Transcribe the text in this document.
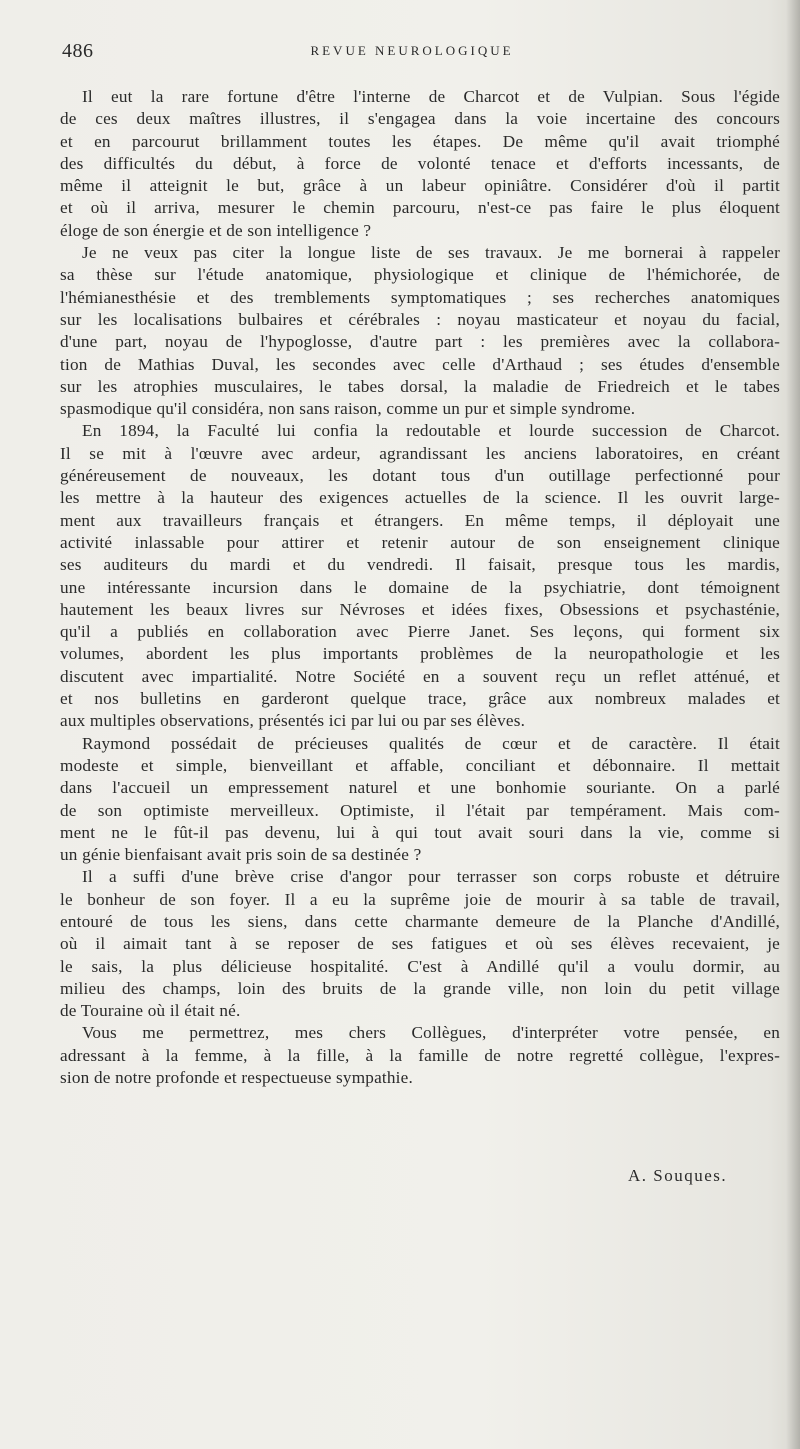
486	REVUE NEUROLOGIQUE
Il eut la rare fortune d'être l'interne de Charcot et de Vulpian. Sous l'égide
de ces deux maîtres illustres, il s'engagea dans la voie incertaine des concours
et en parcourut brillamment toutes les étapes. De même qu'il avait triomphé
des difficultés du début, à force de volonté tenace et d'efforts incessants, de
même il atteignit le but, grâce à un labeur opiniâtre. Considérer d'où il partit
et où il arriva, mesurer le chemin parcouru, n'est-ce pas faire le plus éloquent
éloge de son énergie et de son intelligence ?
Je ne veux pas citer la longue liste de ses travaux. Je me bornerai à rappeler
sa thèse sur l'étude anatomique, physiologique et clinique de l'hémichorée, de
l'hémianesthésie et des tremblements symptomatiques ; ses recherches anatomiques
sur les localisations bulbaires et cérébrales : noyau masticateur et noyau du facial,
d'une part, noyau de l'hypoglosse, d'autre part : les premières avec la collabora-
tion de Mathias Duval, les secondes avec celle d'Arthaud ; ses études d'ensemble
sur les atrophies musculaires, le tabes dorsal, la maladie de Friedreich et le tabes
spasmodique qu'il considéra, non sans raison, comme un pur et simple syndrome.
En 1894, la Faculté lui confia la redoutable et lourde succession de Charcot.
Il se mit à l'œuvre avec ardeur, agrandissant les anciens laboratoires, en créant
généreusement de nouveaux, les dotant tous d'un outillage perfectionné pour
les mettre à la hauteur des exigences actuelles de la science. Il les ouvrit large-
ment aux travailleurs français et étrangers. En même temps, il déployait une
activité inlassable pour attirer et retenir autour de son enseignement clinique
ses auditeurs du mardi et du vendredi. Il faisait, presque tous les mardis,
une intéressante incursion dans le domaine de la psychiatrie, dont témoignent
hautement les beaux livres sur Névroses et idées fixes, Obsessions et psychasténie,
qu'il a publiés en collaboration avec Pierre Janet. Ses leçons, qui forment six
volumes, abordent les plus importants problèmes de la neuropathologie et les
discutent avec impartialité. Notre Société en a souvent reçu un reflet atténué, et
et nos bulletins en garderont quelque trace, grâce aux nombreux malades et
aux multiples observations, présentés ici par lui ou par ses élèves.
Raymond possédait de précieuses qualités de cœur et de caractère. Il était
modeste et simple, bienveillant et affable, conciliant et débonnaire. Il mettait
dans l'accueil un empressement naturel et une bonhomie souriante. On a parlé
de son optimiste merveilleux. Optimiste, il l'était par tempérament. Mais com-
ment ne le fût-il pas devenu, lui à qui tout avait souri dans la vie, comme si
un génie bienfaisant avait pris soin de sa destinée ?
Il a suffi d'une brève crise d'angor pour terrasser son corps robuste et détruire
le bonheur de son foyer. Il a eu la suprême joie de mourir à sa table de travail,
entouré de tous les siens, dans cette charmante demeure de la Planche d'Andillé,
où il aimait tant à se reposer de ses fatigues et où ses élèves recevaient, je
le sais, la plus délicieuse hospitalité. C'est à Andillé qu'il a voulu dormir, au
milieu des champs, loin des bruits de la grande ville, non loin du petit village
de Touraine où il était né.
Vous me permettrez, mes chers Collègues, d'interpréter votre pensée, en
adressant à la femme, à la fille, à la famille de notre regretté collègue, l'expres-
sion de notre profonde et respectueuse sympathie.
A. Souques.
